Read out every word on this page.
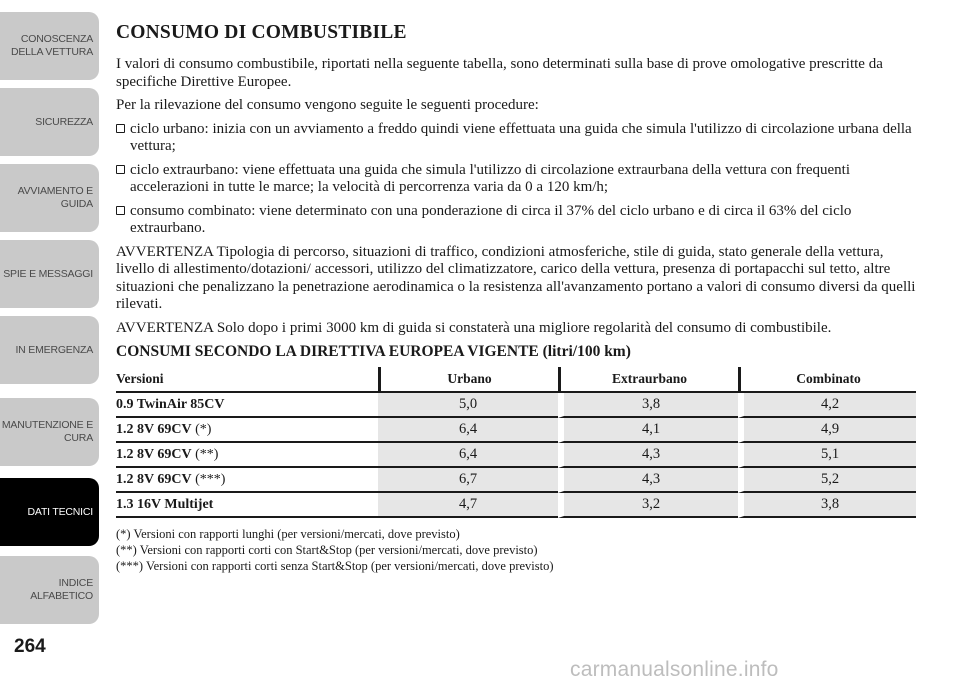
CONOSCENZA
DELLA VETTURA
SICUREZZA
AVVIAMENTO E
GUIDA
SPIE E MESSAGGI
IN EMERGENZA
MANUTENZIONE E
CURA
DATI TECNICI
INDICE
ALFABETICO
264
CONSUMO DI COMBUSTIBILE

I valori di consumo combustibile, riportati nella seguente tabella, sono determinati sulla base di prove omologative prescritte da specifiche Direttive Europee.

Per la rilevazione del consumo vengono seguite le seguenti procedure:

ciclo urbano: inizia con un avviamento a freddo quindi viene effettuata una guida che simula l'utilizzo di circolazione urbana della vettura;

ciclo extraurbano: viene effettuata una guida che simula l'utilizzo di circolazione extraurbana della vettura con frequenti accelerazioni in tutte le marce; la velocità di percorrenza varia da 0 a 120 km/h;

consumo combinato: viene determinato con una ponderazione di circa il 37% del ciclo urbano e di circa il 63% del ciclo extraurbano.

AVVERTENZA Tipologia di percorso, situazioni di traffico, condizioni atmosferiche, stile di guida, stato generale della vettura, livello di allestimento/dotazioni/ accessori, utilizzo del climatizzatore, carico della vettura, presenza di portapacchi sul tetto, altre situazioni che penalizzano la penetrazione aerodinamica o la resistenza all'avanzamento portano a valori di consumo diversi da quelli rilevati.

AVVERTENZA Solo dopo i primi 3000 km di guida si constaterà una migliore regolarità del consumo di combustibile.

CONSUMI SECONDO LA DIRETTIVA EUROPEA VIGENTE (litri/100 km)
Versioni	Urbano	Extraurbano	Combinato
0.9 TwinAir 85CV	5,0	3,8	4,2
1.2 8V 69CV (*)	6,4	4,1	4,9
1.2 8V 69CV (**)	6,4	4,3	5,1
1.2 8V 69CV (***)	6,7	4,3	5,2
1.3 16V Multijet	4,7	3,2	3,8
(*) Versioni con rapporti lunghi (per versioni/mercati, dove previsto)
(**) Versioni con rapporti corti con Start&Stop (per versioni/mercati, dove previsto)
(***) Versioni con rapporti corti senza Start&Stop (per versioni/mercati, dove previsto)
carmanualsonline.info
